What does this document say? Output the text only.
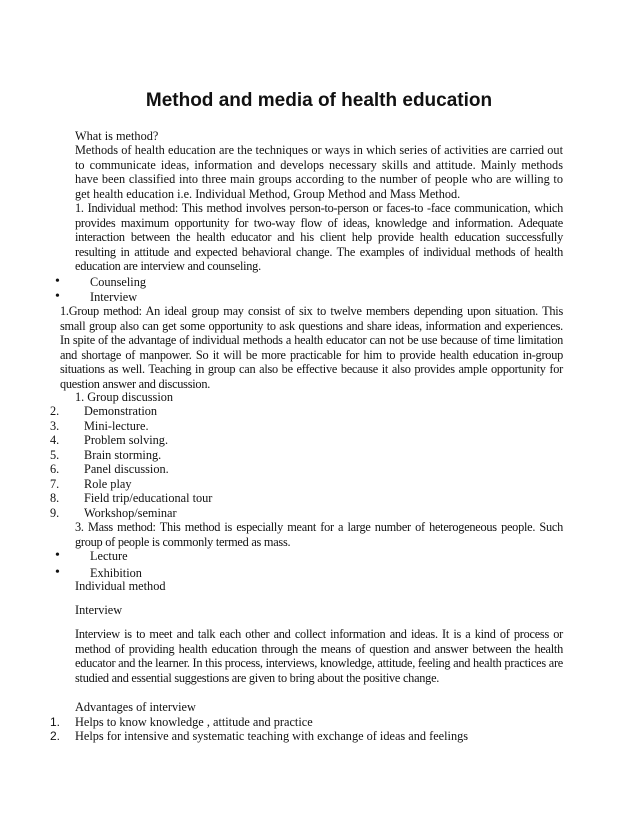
Method and media of health education
What is method?
Methods of health education are the techniques or ways in which series of activities are carried out to communicate ideas, information and develops necessary skills and attitude. Mainly methods have been classified into three main groups according to the number of people who are willing to get health education i.e. Individual Method, Group Method and Mass Method.
1. Individual method: This method involves person-to-person or faces-to -face communication, which provides maximum opportunity for two-way flow of ideas, knowledge and information. Adequate interaction between the health educator and his client help provide health education successfully resulting in attitude and expected behavioral change. The examples of individual methods of health education are interview and counseling.
• Counseling
• Interview
1.Group method: An ideal group may consist of six to twelve members depending upon situation. This small group also can get some opportunity to ask questions and share ideas, information and experiences. In spite of the advantage of individual methods a health educator can not be use because of time limitation and shortage of manpower. So it will be more practicable for him to provide health education in-group situations as well. Teaching in group can also be effective because it also provides ample opportunity for question answer and discussion.
1. Group discussion
2. Demonstration
3. Mini-lecture.
4. Problem solving.
5. Brain storming.
6. Panel discussion.
7. Role play
8. Field trip/educational tour
9. Workshop/seminar
3. Mass method: This method is especially meant for a large number of heterogeneous people. Such group of people is commonly termed as mass.
• Lecture
• Exhibition
Individual method
Interview
Interview is to meet and talk each other and collect information and ideas. It is a kind of process or method of providing health education through the means of question and answer between the health educator and the learner. In this process, interviews, knowledge, attitude, feeling and health practices are studied and essential suggestions are given to bring about the positive change.
Advantages of interview
1. Helps to know knowledge , attitude and practice
2. Helps for intensive and systematic teaching with exchange of ideas and feelings
